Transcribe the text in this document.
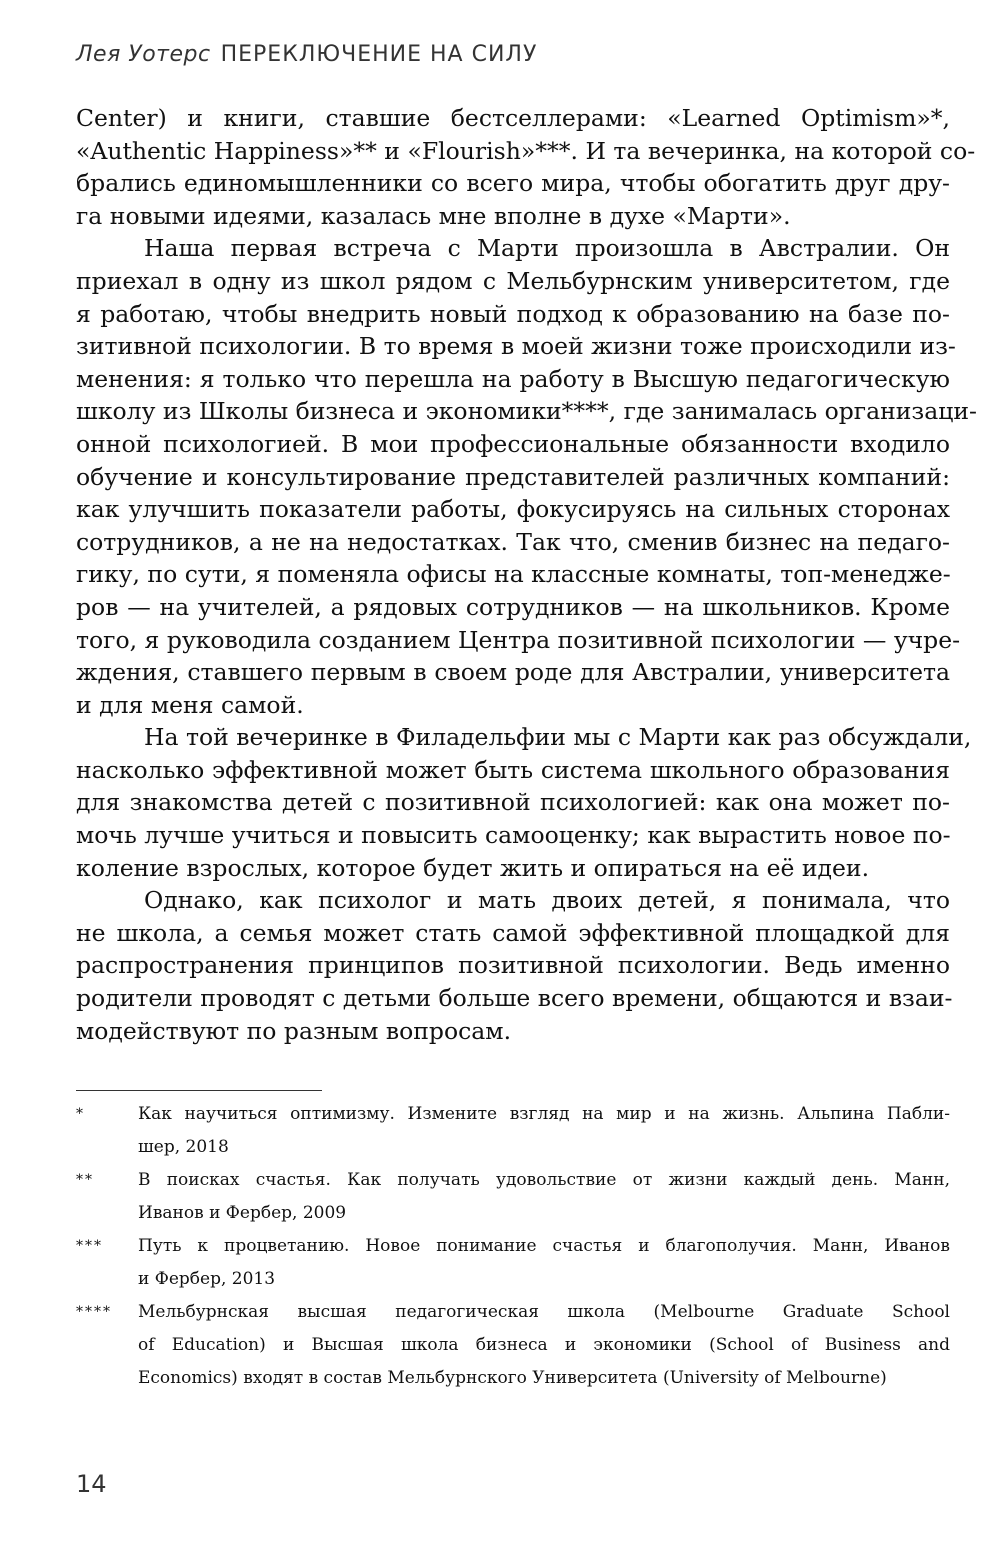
Лея Уотерс ПЕРЕКЛЮЧЕНИЕ НА СИЛУ
Center) и книги, ставшие бестселлерами: «Learned Optimism»*,
«Authentic Happiness»** и «Flourish»***. И та вечеринка, на которой со-
брались единомышленники со всего мира, чтобы обогатить друг дру-
га новыми идеями, казалась мне вполне в духе «Марти».
Наша первая встреча с Марти произошла в Австралии. Он
приехал в одну из школ рядом с Мельбурнским университетом, где
я работаю, чтобы внедрить новый подход к образованию на базе по-
зитивной психологии. В то время в моей жизни тоже происходили из-
менения: я только что перешла на работу в Высшую педагогическую
школу из Школы бизнеса и экономики****, где занималась организаци-
онной психологией. В мои профессиональные обязанности входило
обучение и консультирование представителей различных компаний:
как улучшить показатели работы, фокусируясь на сильных сторонах
сотрудников, а не на недостатках. Так что, сменив бизнес на педаго-
гику, по сути, я поменяла офисы на классные комнаты, топ-менедже-
ров — на учителей, а рядовых сотрудников — на школьников. Кроме
того, я руководила созданием Центра позитивной психологии — учре-
ждения, ставшего первым в своем роде для Австралии, университета
и для меня самой.
На той вечеринке в Филадельфии мы с Марти как раз обсуждали,
насколько эффективной может быть система школьного образования
для знакомства детей с позитивной психологией: как она может по-
мочь лучше учиться и повысить самооценку; как вырастить новое по-
коление взрослых, которое будет жить и опираться на её идеи.
Однако, как психолог и мать двоих детей, я понимала, что
не школа, а семья может стать самой эффективной площадкой для
распространения принципов позитивной психологии. Ведь именно
родители проводят с детьми больше всего времени, общаются и взаи-
модействуют по разным вопросам.
*	Как научиться оптимизму. Измените взгляд на мир и на жизнь. Альпина Пабли-
шер, 2018
**	В поисках счастья. Как получать удовольствие от жизни каждый день. Манн,
Иванов и Фербер, 2009
*** Путь к процветанию. Новое понимание счастья и благополучия. Манн, Иванов
и Фербер, 2013
**** Мельбурнская высшая педагогическая школа (Melbourne Graduate School
of Education) и Высшая школа бизнеса и экономики (School of Business and
Economics) входят в состав Мельбурнского Университета (University of Melbourne)
14
